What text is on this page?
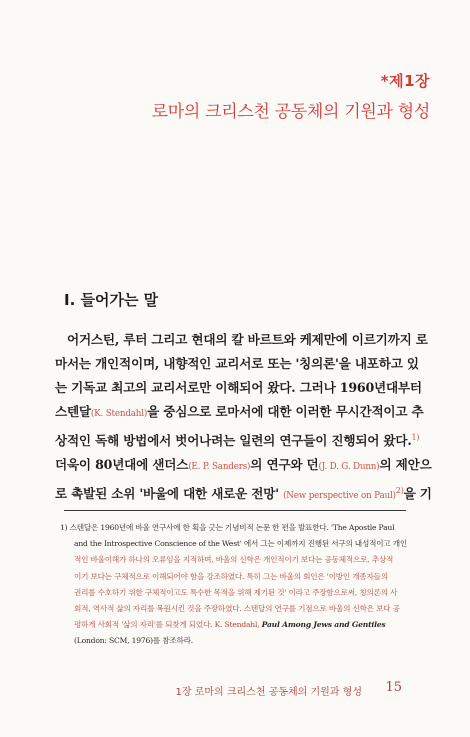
*제1장
로마의 크리스천 공동체의 기원과 형성
I. 들어가는 말
어거스틴, 루터 그리고 현대의 칼 바르트와 케제만에 이르기까지 로
마서는 개인적이며, 내향적인 교리서로 또는 '칭의론'을 내포하고 있
는 기독교 최고의 교리서로만 이해되어 왔다. 그러나 1960년대부터
스텐달(K. Stendahl)을 중심으로 로마서에 대한 이러한 무시간적이고 추
상적인 독해 방법에서 벗어나려는 일련의 연구들이 진행되어 왔다.$^{1)}$
더욱이 80년대에 샌더스(E. P. Sanders)의 연구와 던(J. D. G. Dunn)의 제안으
로 촉발된 소위 '바울에 대한 새로운 전망' (New perspective on Paul)$^{2)}$을 기
1) 스텐달은 1960년에 바울 연구사에 한 획을 긋는 기념비적 논문 한 편을 발표한다. 'The Apostle Paul
and the Introspective Conscience of the West' 에서 그는 이제까지 진행된 서구의 내성적이고 개인
적인 바울이해가 하나의 오류임을 지적하며, 바울의 신학은 개인적이기 보다는 공동체적으로, 추상적
이기 보다는 구체적으로 이해되어야 함을 강조하였다. 특히 그는 바울의 회인은 '이방인 개종자들의
권리를 수호하기 위한 구체적이고도 특수한 목적을 위해 제기된 것' 이라고 주장함으로써, 칭의론의 사
회적, 역사적 삶의 자리를 복원시킨 것을 주장하였다. 스텐달의 연구를 기점으로 바울의 신학은 보다 공
평하게 사회적 '삶의 자리'를 되찾게 되었다. K. Stendahl, Paul Among Jews and Gentiles
(London: SCM, 1976)를 참조하라.
1장 로마의 크리스천 공동체의 기원과 형성 15
